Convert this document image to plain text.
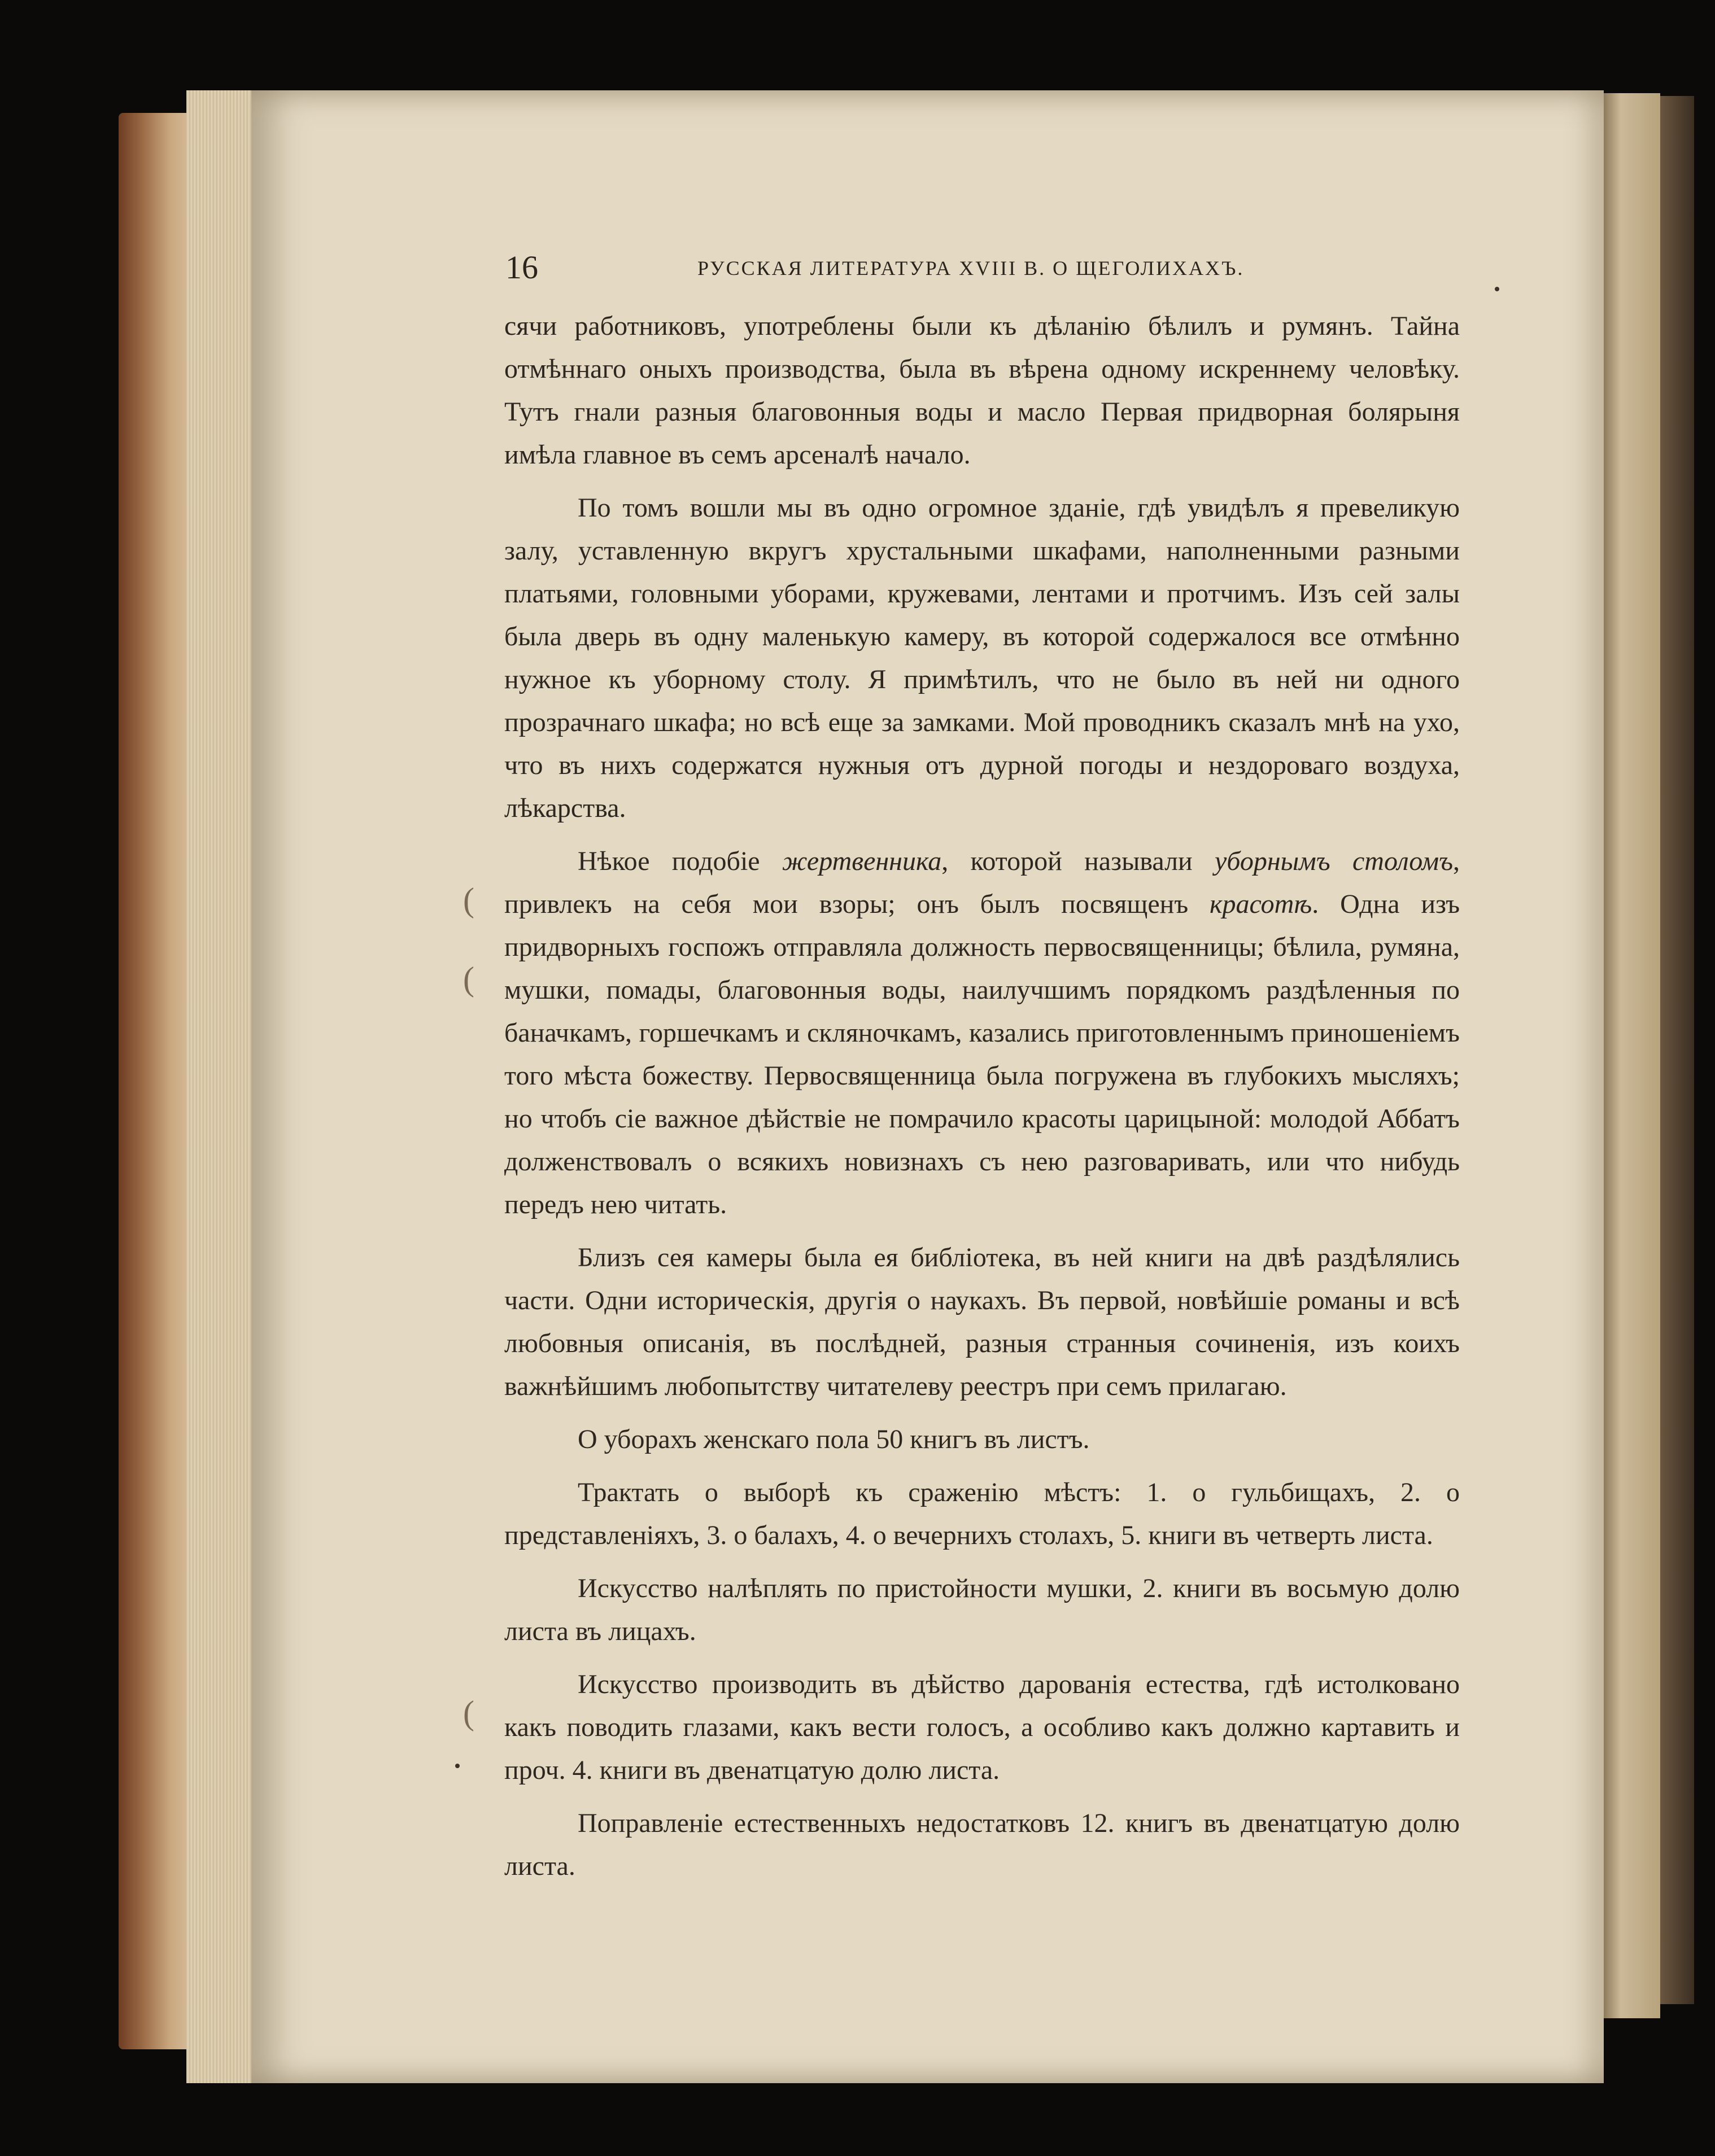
16	РУССКАЯ ЛИТЕРАТУРА XVIII В. О ЩЕГОЛИХАХЪ.

сячи работниковъ, употреблены были къ дѣланію бѣлилъ и румянъ. Тайна отмѣннаго оныхъ производства, была въ вѣрена одному искреннему человѣку. Тутъ гнали разныя благовонныя воды и масло Первая придворная болярыня имѣла главное въ семъ арсеналѣ начало.

По томъ вошли мы въ одно огромное зданіе, гдѣ увидѣлъ я превеликую залу, уставленную вкругъ хрустальными шкафами, наполненными разными платьями, головными уборами, кружевами, лентами и протчимъ. Изъ сей залы была дверь въ одну маленькую камеру, въ которой содержалося все отмѣнно нужное къ уборному столу. Я примѣтилъ, что не было въ ней ни одного прозрачнаго шкафа; но всѣ еще за замками. Мой проводникъ сказалъ мнѣ на ухо, что въ нихъ содержатся нужныя отъ дурной погоды и нездороваго воздуха, лѣкарства.

Нѣкое подобіе жертвенника, которой называли уборнымъ столомъ, привлекъ на себя мои взоры; онъ былъ посвященъ красотѣ. Одна изъ придворныхъ госпожъ отправляла должность первосвященницы; бѣлила, румяна, мушки, помады, благовонныя воды, наилучшимъ порядкомъ раздѣленныя по баначкамъ, горшечкамъ и скляночкамъ, казались приготовленнымъ приношеніемъ того мѣста божеству. Первосвященница была погружена въ глубокихъ мысляхъ; но чтобъ сіе важное дѣйствіе не помрачило красоты царицыной: молодой Аббатъ долженствовалъ о всякихъ новизнахъ съ нею разговаривать, или что нибудь передъ нею читать.

Близъ сея камеры была ея библіотека, въ ней книги на двѣ раздѣлялись части. Одни историческія, другія о наукахъ. Въ первой, новѣйшіе романы и всѣ любовныя описанія, въ послѣдней, разныя странныя сочиненія, изъ коихъ важнѣйшимъ любопытству читателеву реестръ при семъ прилагаю.

О уборахъ женскаго пола 50 книгъ въ листъ.

Трактать о выборѣ къ сраженію мѣстъ: 1. о гульбищахъ, 2. о представленіяхъ, 3. о балахъ, 4. о вечернихъ столахъ, 5. книги въ четверть листа.

Искусство налѣплять по пристойности мушки, 2. книги въ восьмую долю листа въ лицахъ.

Искусство производить въ дѣйство дарованія естества, гдѣ истолковано какъ поводить глазами, какъ вести голосъ, а особливо какъ должно картавить и проч. 4. книги въ двенатцатую долю листа.

Поправленіе естественныхъ недостатковъ 12. книгъ въ двенатцатую долю листа.

(
(
(
